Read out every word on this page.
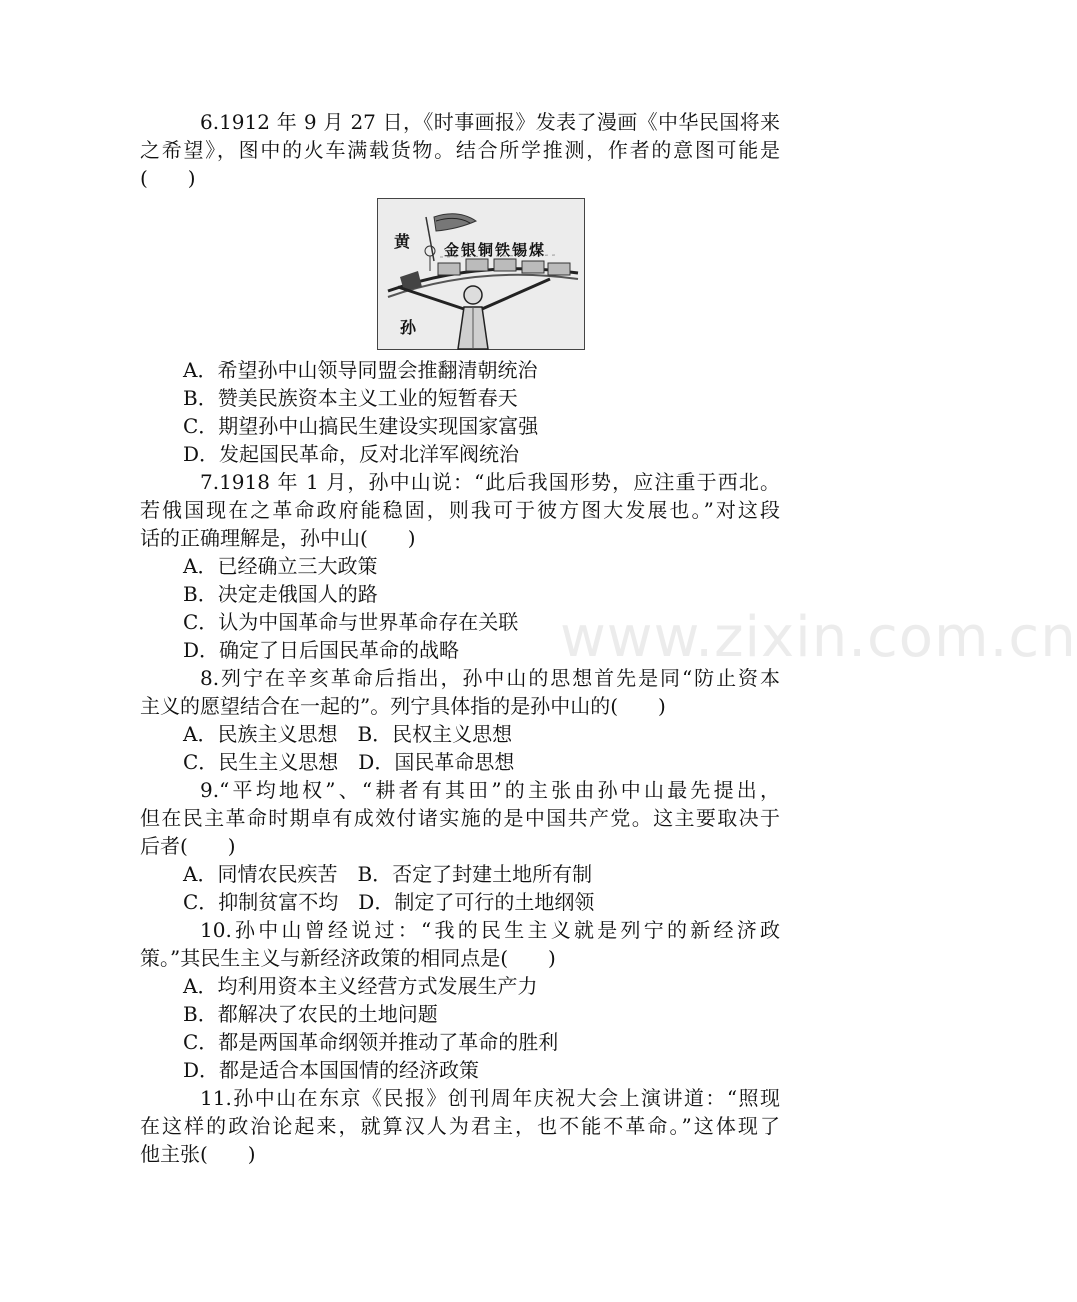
6.1912 年 9 月 27 日，《时事画报》发表了漫画《中华民国将来
之希望》，图中的火车满载货物。结合所学推测，作者的意图可能是
(　　)
黄
孙
金银铜铁锡煤
A．希望孙中山领导同盟会推翻清朝统治
B．赞美民族资本主义工业的短暂春天
C．期望孙中山搞民生建设实现国家富强
D．发起国民革命，反对北洋军阀统治
7.1918 年 1 月，孙中山说：“此后我国形势，应注重于西北。
若俄国现在之革命政府能稳固，则我可于彼方图大发展也。”对这段
话的正确理解是，孙中山(　　)
A．已经确立三大政策
B．决定走俄国人的路
C．认为中国革命与世界革命存在关联
D．确定了日后国民革命的战略
8.列宁在辛亥革命后指出，孙中山的思想首先是同“防止资本
主义的愿望结合在一起的”。列宁具体指的是孙中山的(　　)
A．民族主义思想　B．民权主义思想
C．民生主义思想　D．国民革命思想
9.“平均地权”、“耕者有其田”的主张由孙中山最先提出，
但在民主革命时期卓有成效付诸实施的是中国共产党。这主要取决于
后者(　　)
A．同情农民疾苦　B．否定了封建土地所有制
C．抑制贫富不均　D．制定了可行的土地纲领
10.孙中山曾经说过：“我的民生主义就是列宁的新经济政
策。”其民生主义与新经济政策的相同点是(　　)
A．均利用资本主义经营方式发展生产力
B．都解决了农民的土地问题
C．都是两国革命纲领并推动了革命的胜利
D．都是适合本国国情的经济政策
11.孙中山在东京《民报》创刊周年庆祝大会上演讲道：“照现
在这样的政治论起来，就算汉人为君主，也不能不革命。”这体现了
他主张(　　)
www.zixin.com.cn
